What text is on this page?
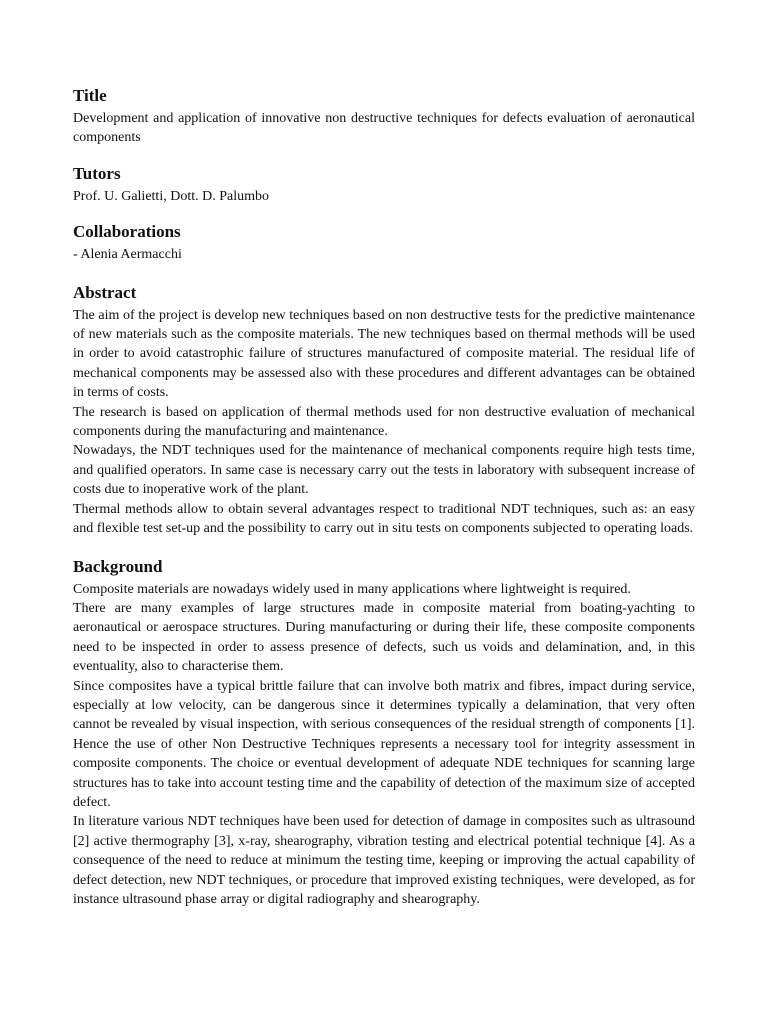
Title

Development and application of innovative non destructive techniques for defects evaluation of aeronautical components

Tutors

Prof. U. Galietti, Dott. D. Palumbo

Collaborations

- Alenia Aermacchi

Abstract

The aim of the project is develop new techniques based on non destructive tests for the predictive maintenance of new materials such as the composite materials. The new techniques based on thermal methods will be used in order to avoid catastrophic failure of structures manufactured of composite material. The residual life of mechanical components may be assessed also with these procedures and different advantages can be obtained in terms of costs.

The research is based on application of thermal methods used for non destructive evaluation of mechanical components during the manufacturing and maintenance.

Nowadays, the NDT techniques used for the maintenance of mechanical components require high tests time, and qualified operators. In same case is necessary carry out the tests in laboratory with subsequent increase of costs due to inoperative work of the plant.

Thermal methods allow to obtain several advantages respect to traditional NDT techniques, such as: an easy and flexible test set-up and the possibility to carry out in situ tests on components subjected to operating loads.

Background

Composite materials are nowadays widely used in many applications where lightweight is required.

There are many examples of large structures made in composite material from boating-yachting to aeronautical or aerospace structures. During manufacturing or during their life, these composite components need to be inspected in order to assess presence of defects, such us voids and delamination, and, in this eventuality, also to characterise them.

Since composites have a typical brittle failure that can involve both matrix and fibres, impact during service, especially at low velocity, can be dangerous since it determines typically a delamination, that very often cannot be revealed by visual inspection, with serious consequences of the residual strength of components [1]. Hence the use of other Non Destructive Techniques represents a necessary tool for integrity assessment in composite components. The choice or eventual development of adequate NDE techniques for scanning large structures has to take into account testing time and the capability of detection of the maximum size of accepted defect.

In literature various NDT techniques have been used for detection of damage in composites such as ultrasound [2] active thermography [3], x-ray, shearography, vibration testing and electrical potential technique [4]. As a consequence of the need to reduce at minimum the testing time, keeping or improving the actual capability of defect detection, new NDT techniques, or procedure that improved existing techniques, were developed, as for instance ultrasound phase array or digital radiography and shearography.
